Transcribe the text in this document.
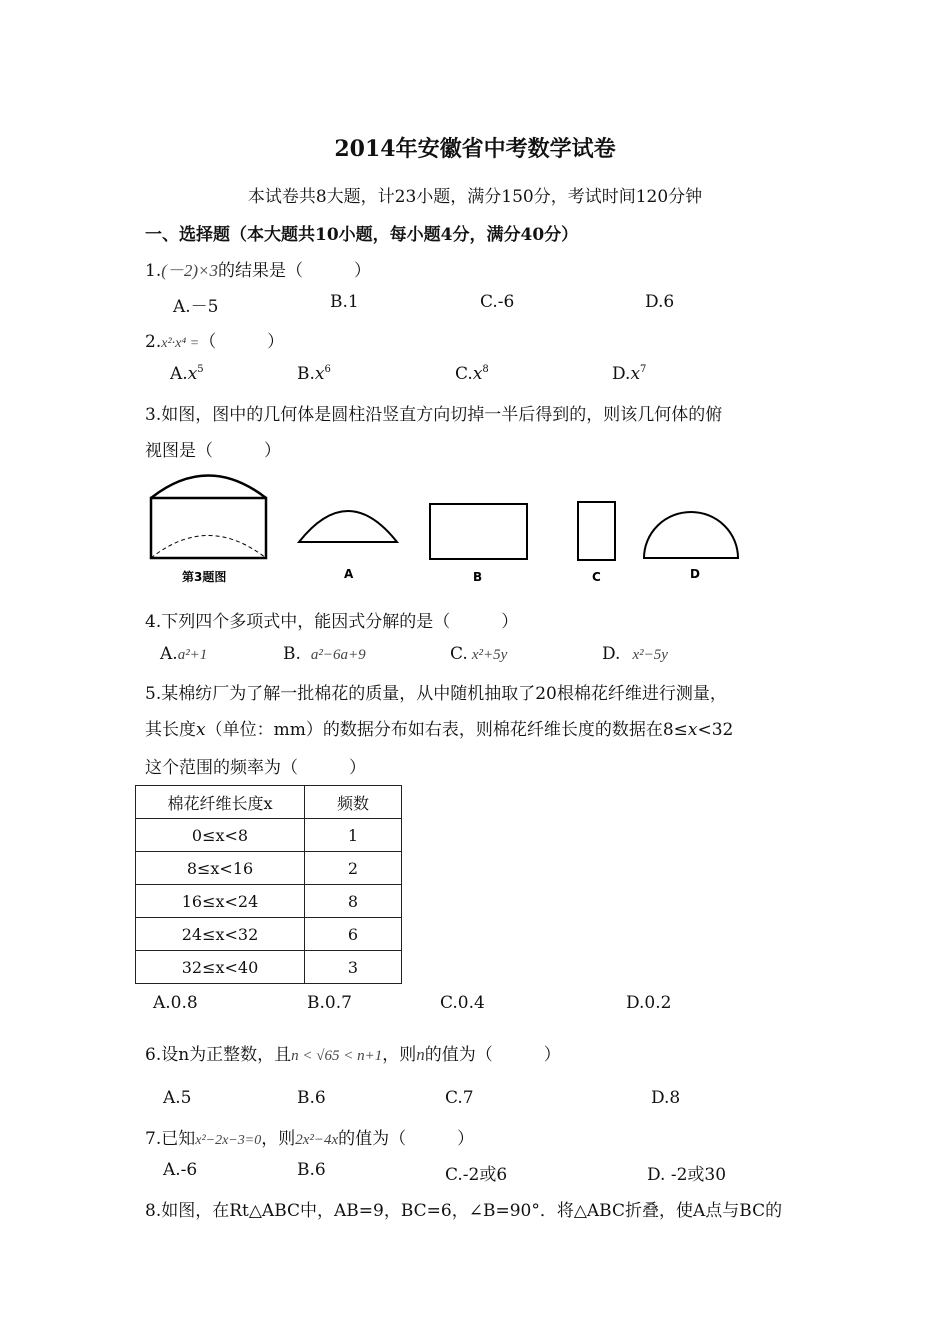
2014年安徽省中考数学试卷
本试卷共8大题，计23小题，满分150分，考试时间120分钟
一、选择题（本大题共10小题，每小题4分，满分40分）
1.(－2)×3的结果是（　　　）
A.－5	B.1	C.-6	D.6
2.x²·x⁴ =（　　　）
$A.x^5$	$B.x^6$	$C.x^8$	$D.x^7$
3.如图，图中的几何体是圆柱沿竖直方向切掉一半后得到的，则该几何体的俯
视图是（　　　）
第3题图	A	B	C	D
4.下列四个多项式中，能因式分解的是（　　　）
A.a²+1	B. a²−6a+9	C. x²+5y	D. x²−5y
5.某棉纺厂为了解一批棉花的质量，从中随机抽取了20根棉花纤维进行测量，
其长度x（单位：mm）的数据分布如右表，则棉花纤维长度的数据在8≤x<32
这个范围的频率为（　　　）
棉花纤维长度x	频数
0≤x<8	1
8≤x<16	2
16≤x<24	8
24≤x<32	6
32≤x<40	3
A.0.8	B.0.7	C.0.4	D.0.2
6.设n为正整数，且n < √65 < n+1，则n的值为（　　　）
A.5	B.6	C.7	D.8
7.已知x²−2x−3=0，则2x²−4x的值为（　　　）
A.-6	B.6	C.-2或6	D. -2或30
8.如图，在Rt△ABC中，AB=9，BC=6，∠B=90°．将△ABC折叠，使A点与BC的
